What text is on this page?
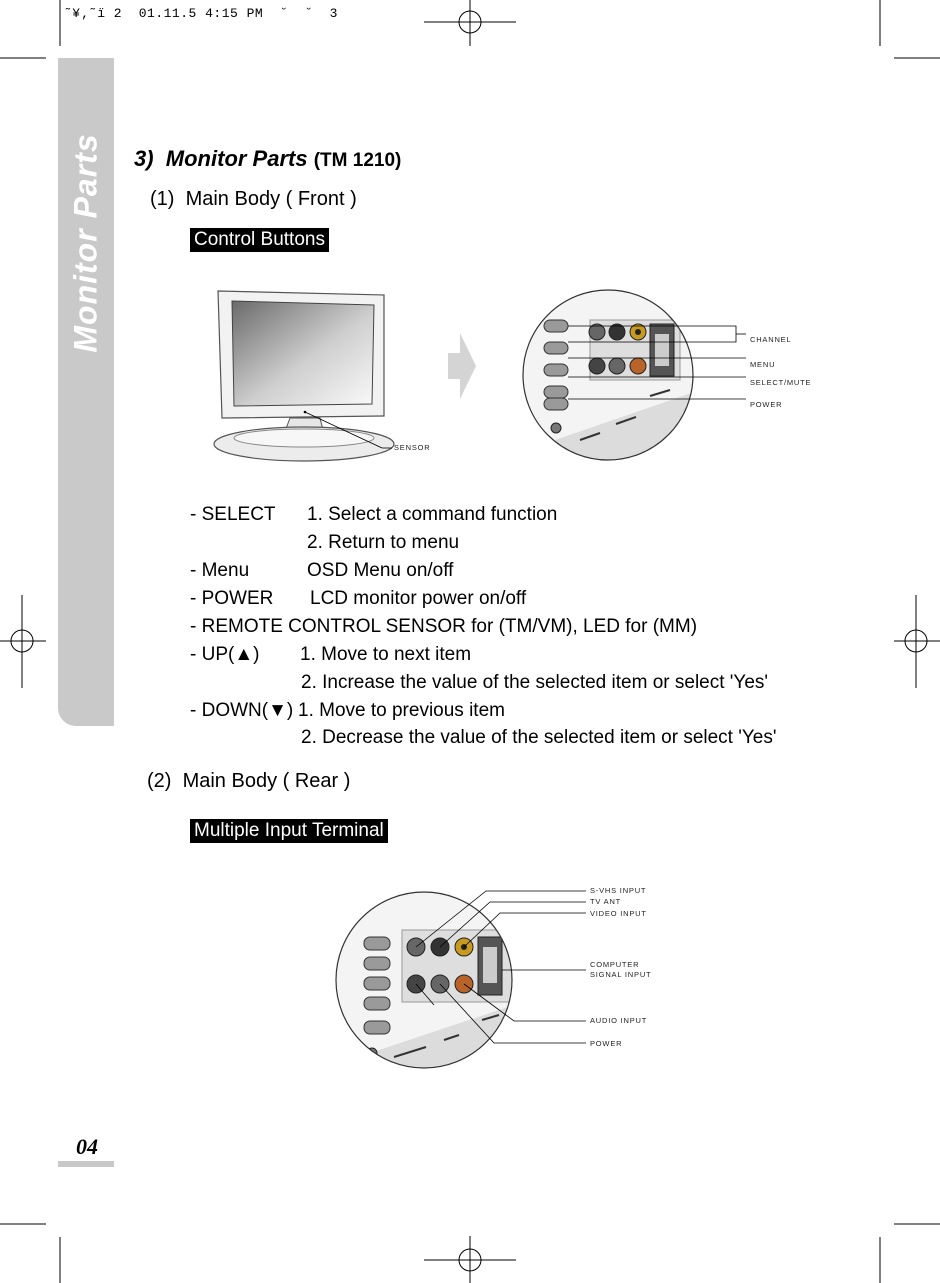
˜¥‚˜ï 2  01.11.5 4:15 PM  ˘  ˘  3
Monitor Parts 3) Monitor Parts (TM 1210)
(1) Main Body ( Front )
Control Buttons
SENSOR
CHANNEL
MENU
SELECT/MUTE
POWER
- SELECT 1. Select a command function
2. Return to menu
- Menu	OSD Menu on/off
- POWER LCD monitor power on/off
- REMOTE CONTROL SENSOR for (TM/VM), LED for (MM)
- UP(▲) 1. Move to next item
2. Increase the value of the selected item or select 'Yes'
- DOWN(▼) 1. Move to previous item
2. Decrease the value of the selected item or select 'Yes'
(2) Main Body ( Rear )
Multiple Input Terminal
S-VHS INPUT
TV ANT
VIDEO INPUT
COMPUTER
SIGNAL INPUT
AUDIO INPUT
POWER
04
